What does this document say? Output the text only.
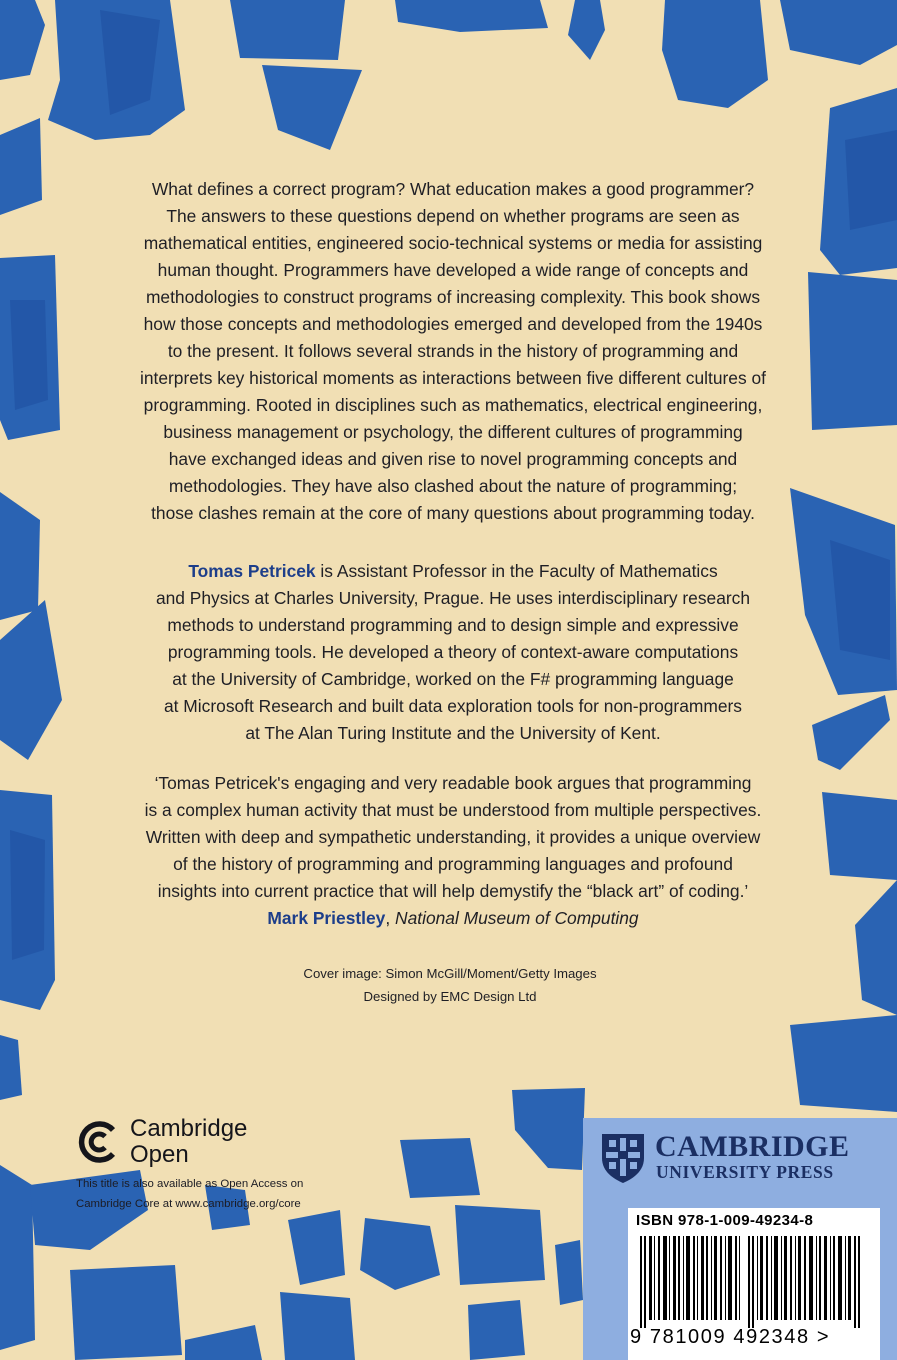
What defines a correct program? What education makes a good programmer?
The answers to these questions depend on whether programs are seen as
mathematical entities, engineered socio-technical systems or media for assisting
human thought. Programmers have developed a wide range of concepts and
methodologies to construct programs of increasing complexity. This book shows
how those concepts and methodologies emerged and developed from the 1940s
to the present. It follows several strands in the history of programming and
interprets key historical moments as interactions between five different cultures of
programming. Rooted in disciplines such as mathematics, electrical engineering,
business management or psychology, the different cultures of programming
have exchanged ideas and given rise to novel programming concepts and
methodologies. They have also clashed about the nature of programming;
those clashes remain at the core of many questions about programming today.

Tomas Petricek is Assistant Professor in the Faculty of Mathematics
and Physics at Charles University, Prague. He uses interdisciplinary research
methods to understand programming and to design simple and expressive
programming tools. He developed a theory of context-aware computations
at the University of Cambridge, worked on the F# programming language
at Microsoft Research and built data exploration tools for non-programmers
at The Alan Turing Institute and the University of Kent.

‘Tomas Petricek's engaging and very readable book argues that programming
is a complex human activity that must be understood from multiple perspectives.
Written with deep and sympathetic understanding, it provides a unique overview
of the history of programming and programming languages and profound
insights into current practice that will help demystify the “black art” of coding.’
Mark Priestley, National Museum of Computing

Cover image: Simon McGill/Moment/Getty Images
Designed by EMC Design Ltd
Cambridge
Open
This title is also available as Open Access on
Cambridge Core at www.cambridge.org/core
CAMBRIDGE
UNIVERSITY PRESS
ISBN 978-1-009-49234-8
9 781009 492348 >
